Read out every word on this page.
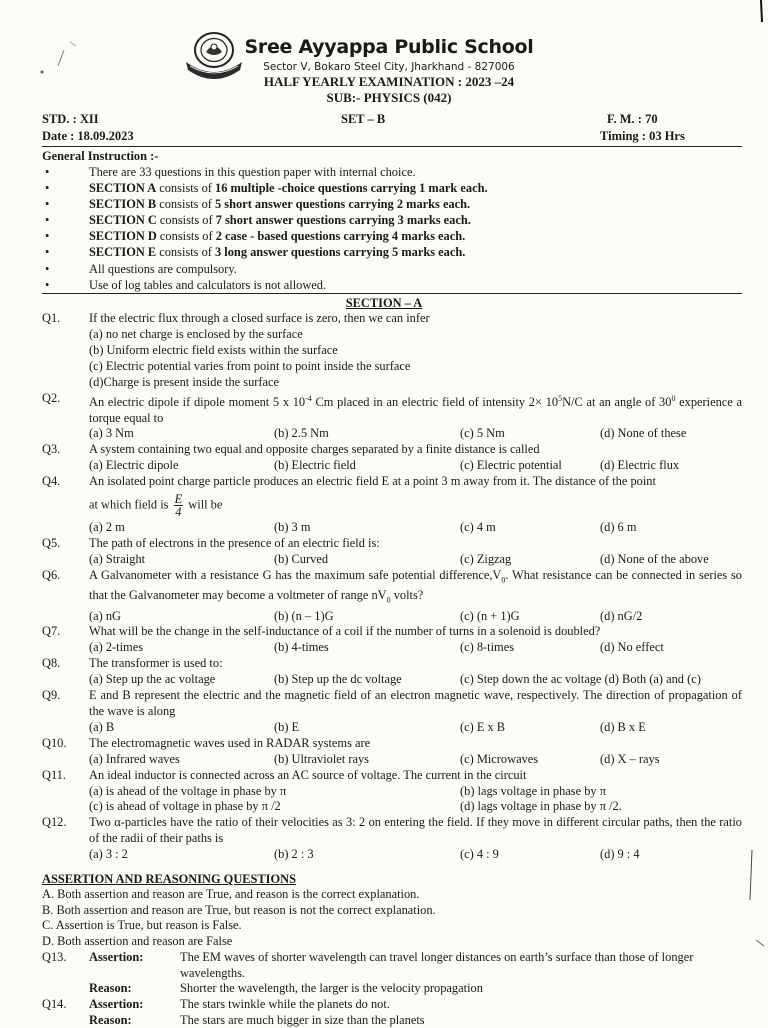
Sree Ayyappa Public School
Sector V, Bokaro Steel City, Jharkhand - 827006
HALF YEARLY EXAMINATION : 2023 –24
SUB:- PHYSICS (042)
STD. : XII
Date : 18.09.2023
SET – B	F. M. : 70
Timing : 03 Hrs
General Instruction :-
• There are 33 questions in this question paper with internal choice.
• SECTION A consists of 16 multiple -choice questions carrying 1 mark each.
• SECTION B consists of 5 short answer questions carrying 2 marks each.
• SECTION C consists of 7 short answer questions carrying 3 marks each.
• SECTION D consists of 2 case - based questions carrying 4 marks each.
• SECTION E consists of 3 long answer questions carrying 5 marks each.
• All questions are compulsory.
• Use of log tables and calculators is not allowed.
SECTION – A
Q1.	If the electric flux through a closed surface is zero, then we can infer
(a) no net charge is enclosed by the surface
(b) Uniform electric field exists within the surface
(c) Electric potential varies from point to point inside the surface
(d)Charge is present inside the surface
Q2.	An electric dipole if dipole moment 5 x $10^{-4}$ Cm placed in an electric field of intensity $2\times 10^5N/C$ at an angle of $30^0$ experience a torque equal to
(a) 3 Nm	(b) 2.5 Nm	(c) 5 Nm	(d) None of these
Q3.	A system containing two equal and opposite charges separated by a finite distance is called
(a) Electric dipole	(b) Electric field	(c) Electric potential	(d) Electric flux
Q4.	An isolated point charge particle produces an electric field E at a point 3 m away from it. The distance of the point
at which field is $\frac{E}{4}$ will be
(a) 2 m	(b) 3 m	(c) 4 m	(d) 6 m
Q5.	The path of electrons in the presence of an electric field is:
(a) Straight	(b) Curved	(c) Zigzag	(d) None of the above
Q6.	A Galvanometer with a resistance G has the maximum safe potential $difference,V_0$. What resistance can be connected in series so that the Galvanometer may become a voltmeter of range $nV_0$ volts?
(a) nG	(b) (n – 1)G	(c) (n + 1)G	(d) nG/2
Q7.	What will be the change in the self-inductance of a coil if the number of turns in a solenoid is doubled?
(a) 2-times	(b) 4-times	(c) 8-times	(d) No effect
Q8.	The transformer is used to:
(a) Step up the ac voltage	(b) Step up the dc voltage	(c) Step down the ac voltage (d) Both (a) and (c)
Q9.	E and B represent the electric and the magnetic field of an electron magnetic wave, respectively. The direction of propagation of the wave is along
(a) B	(b) E	(c) E x B	(d) B x E
Q10.	The electromagnetic waves used in RADAR systems are
(a) Infrared waves	(b) Ultraviolet rays	(c) Microwaves	(d) X – rays
Q11.	An ideal inductor is connected across an AC source of voltage. The current in the circuit
(a) is ahead of the voltage in phase by π	(b) lags voltage in phase by π
(c) is ahead of voltage in phase by π /2	(d) lags voltage in phase by π /2.
Q12.	Two α-particles have the ratio of their velocities as 3: 2 on entering the field. If they move in different circular paths, then the ratio of the radii of their paths is
(a) 3 : 2	(b) 2 : 3	(c) 4 : 9	(d) 9 : 4
ASSERTION AND REASONING QUESTIONS
A. Both assertion and reason are True, and reason is the correct explanation.
B. Both assertion and reason are True, but reason is not the correct explanation.
C. Assertion is True, but reason is False.
D. Both assertion and reason are False
Q13.	Assertion:	The EM waves of shorter wavelength can travel longer distances on earth’s surface than those of longer wavelengths.
Reason:	Shorter the wavelength, the larger is the velocity propagation
Q14.	Assertion:	The stars twinkle while the planets do not.
Reason:	The stars are much bigger in size than the planets
